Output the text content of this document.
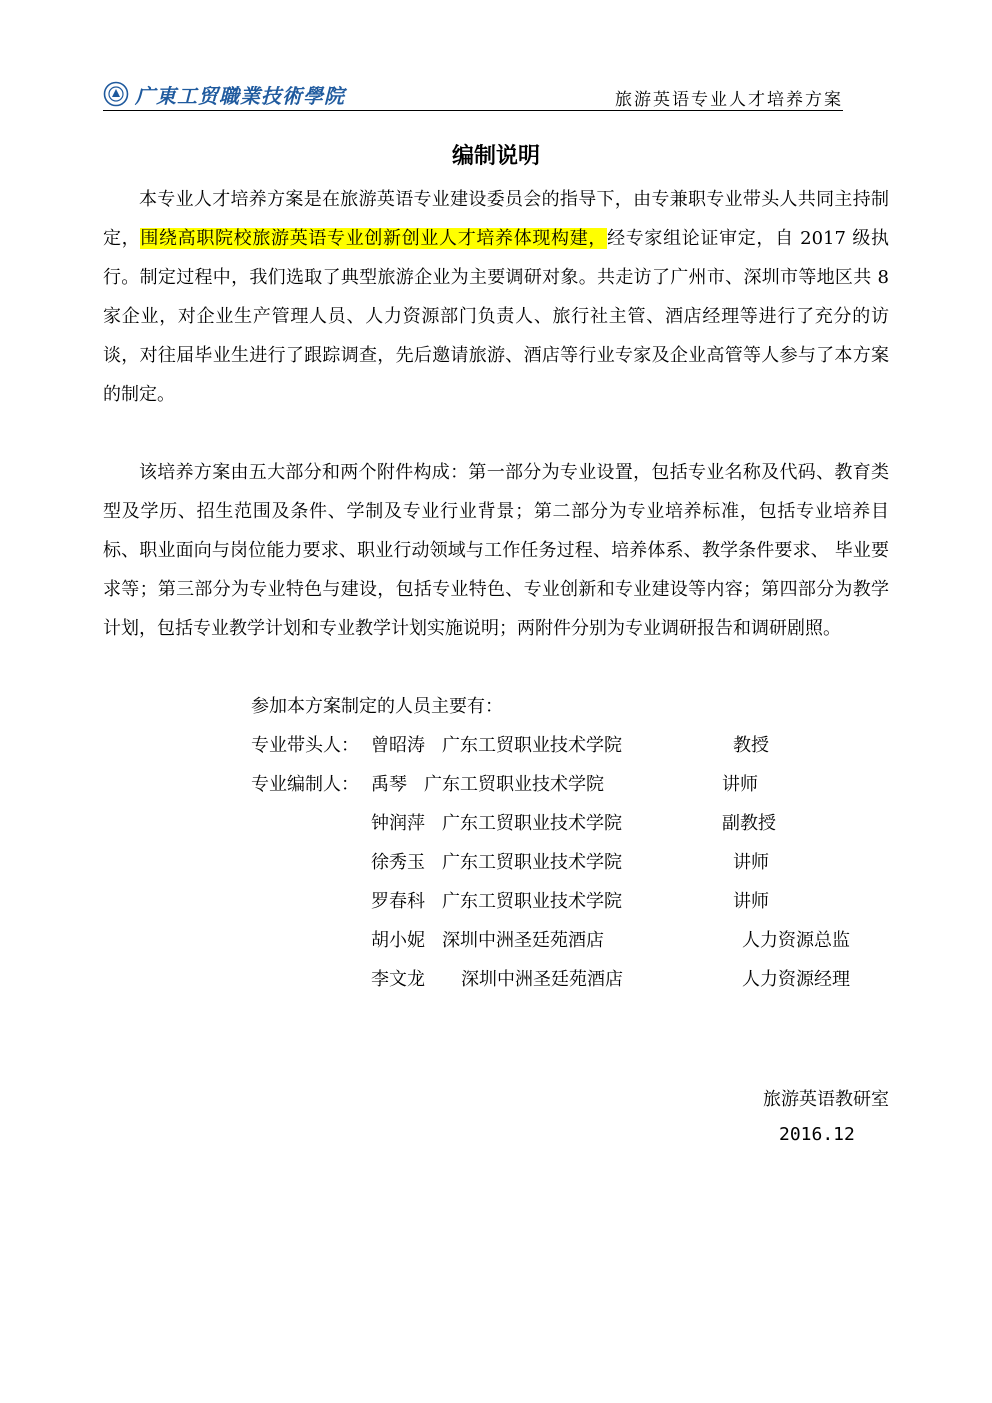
广東工贸職業技術學院	旅游英语专业人才培养方案
编制说明

本专业人才培养方案是在旅游英语专业建设委员会的指导下，由专兼职专业带头人共同主持制定，围绕高职院校旅游英语专业创新创业人才培养体现构建，经专家组论证审定，自 2017 级执行。制定过程中，我们选取了典型旅游企业为主要调研对象。共走访了广州市、深圳市等地区共 8 家企业，对企业生产管理人员、人力资源部门负责人、旅行社主管、酒店经理等进行了充分的访谈，对往届毕业生进行了跟踪调查，先后邀请旅游、酒店等行业专家及企业高管等人参与了本方案的制定。

该培养方案由五大部分和两个附件构成：第一部分为专业设置，包括专业名称及代码、教育类型及学历、招生范围及条件、学制及专业行业背景；第二部分为专业培养标准，包括专业培养目标、职业面向与岗位能力要求、职业行动领域与工作任务过程、培养体系、教学条件要求、 毕业要求等；第三部分为专业特色与建设，包括专业特色、专业创新和专业建设等内容；第四部分为教学计划，包括专业教学计划和专业教学计划实施说明；两附件分别为专业调研报告和调研剧照。

参加本方案制定的人员主要有：
专业带头人： 曾昭涛 广东工贸职业技术学院	教授
专业编制人： 禹琴 广东工贸职业技术学院	讲师
钟润萍 广东工贸职业技术学院	副教授
徐秀玉 广东工贸职业技术学院	讲师
罗春科 广东工贸职业技术学院	讲师
胡小妮 深圳中洲圣廷苑酒店	人力资源总监
李文龙 深圳中洲圣廷苑酒店	人力资源经理
旅游英语教研室
2016.12
